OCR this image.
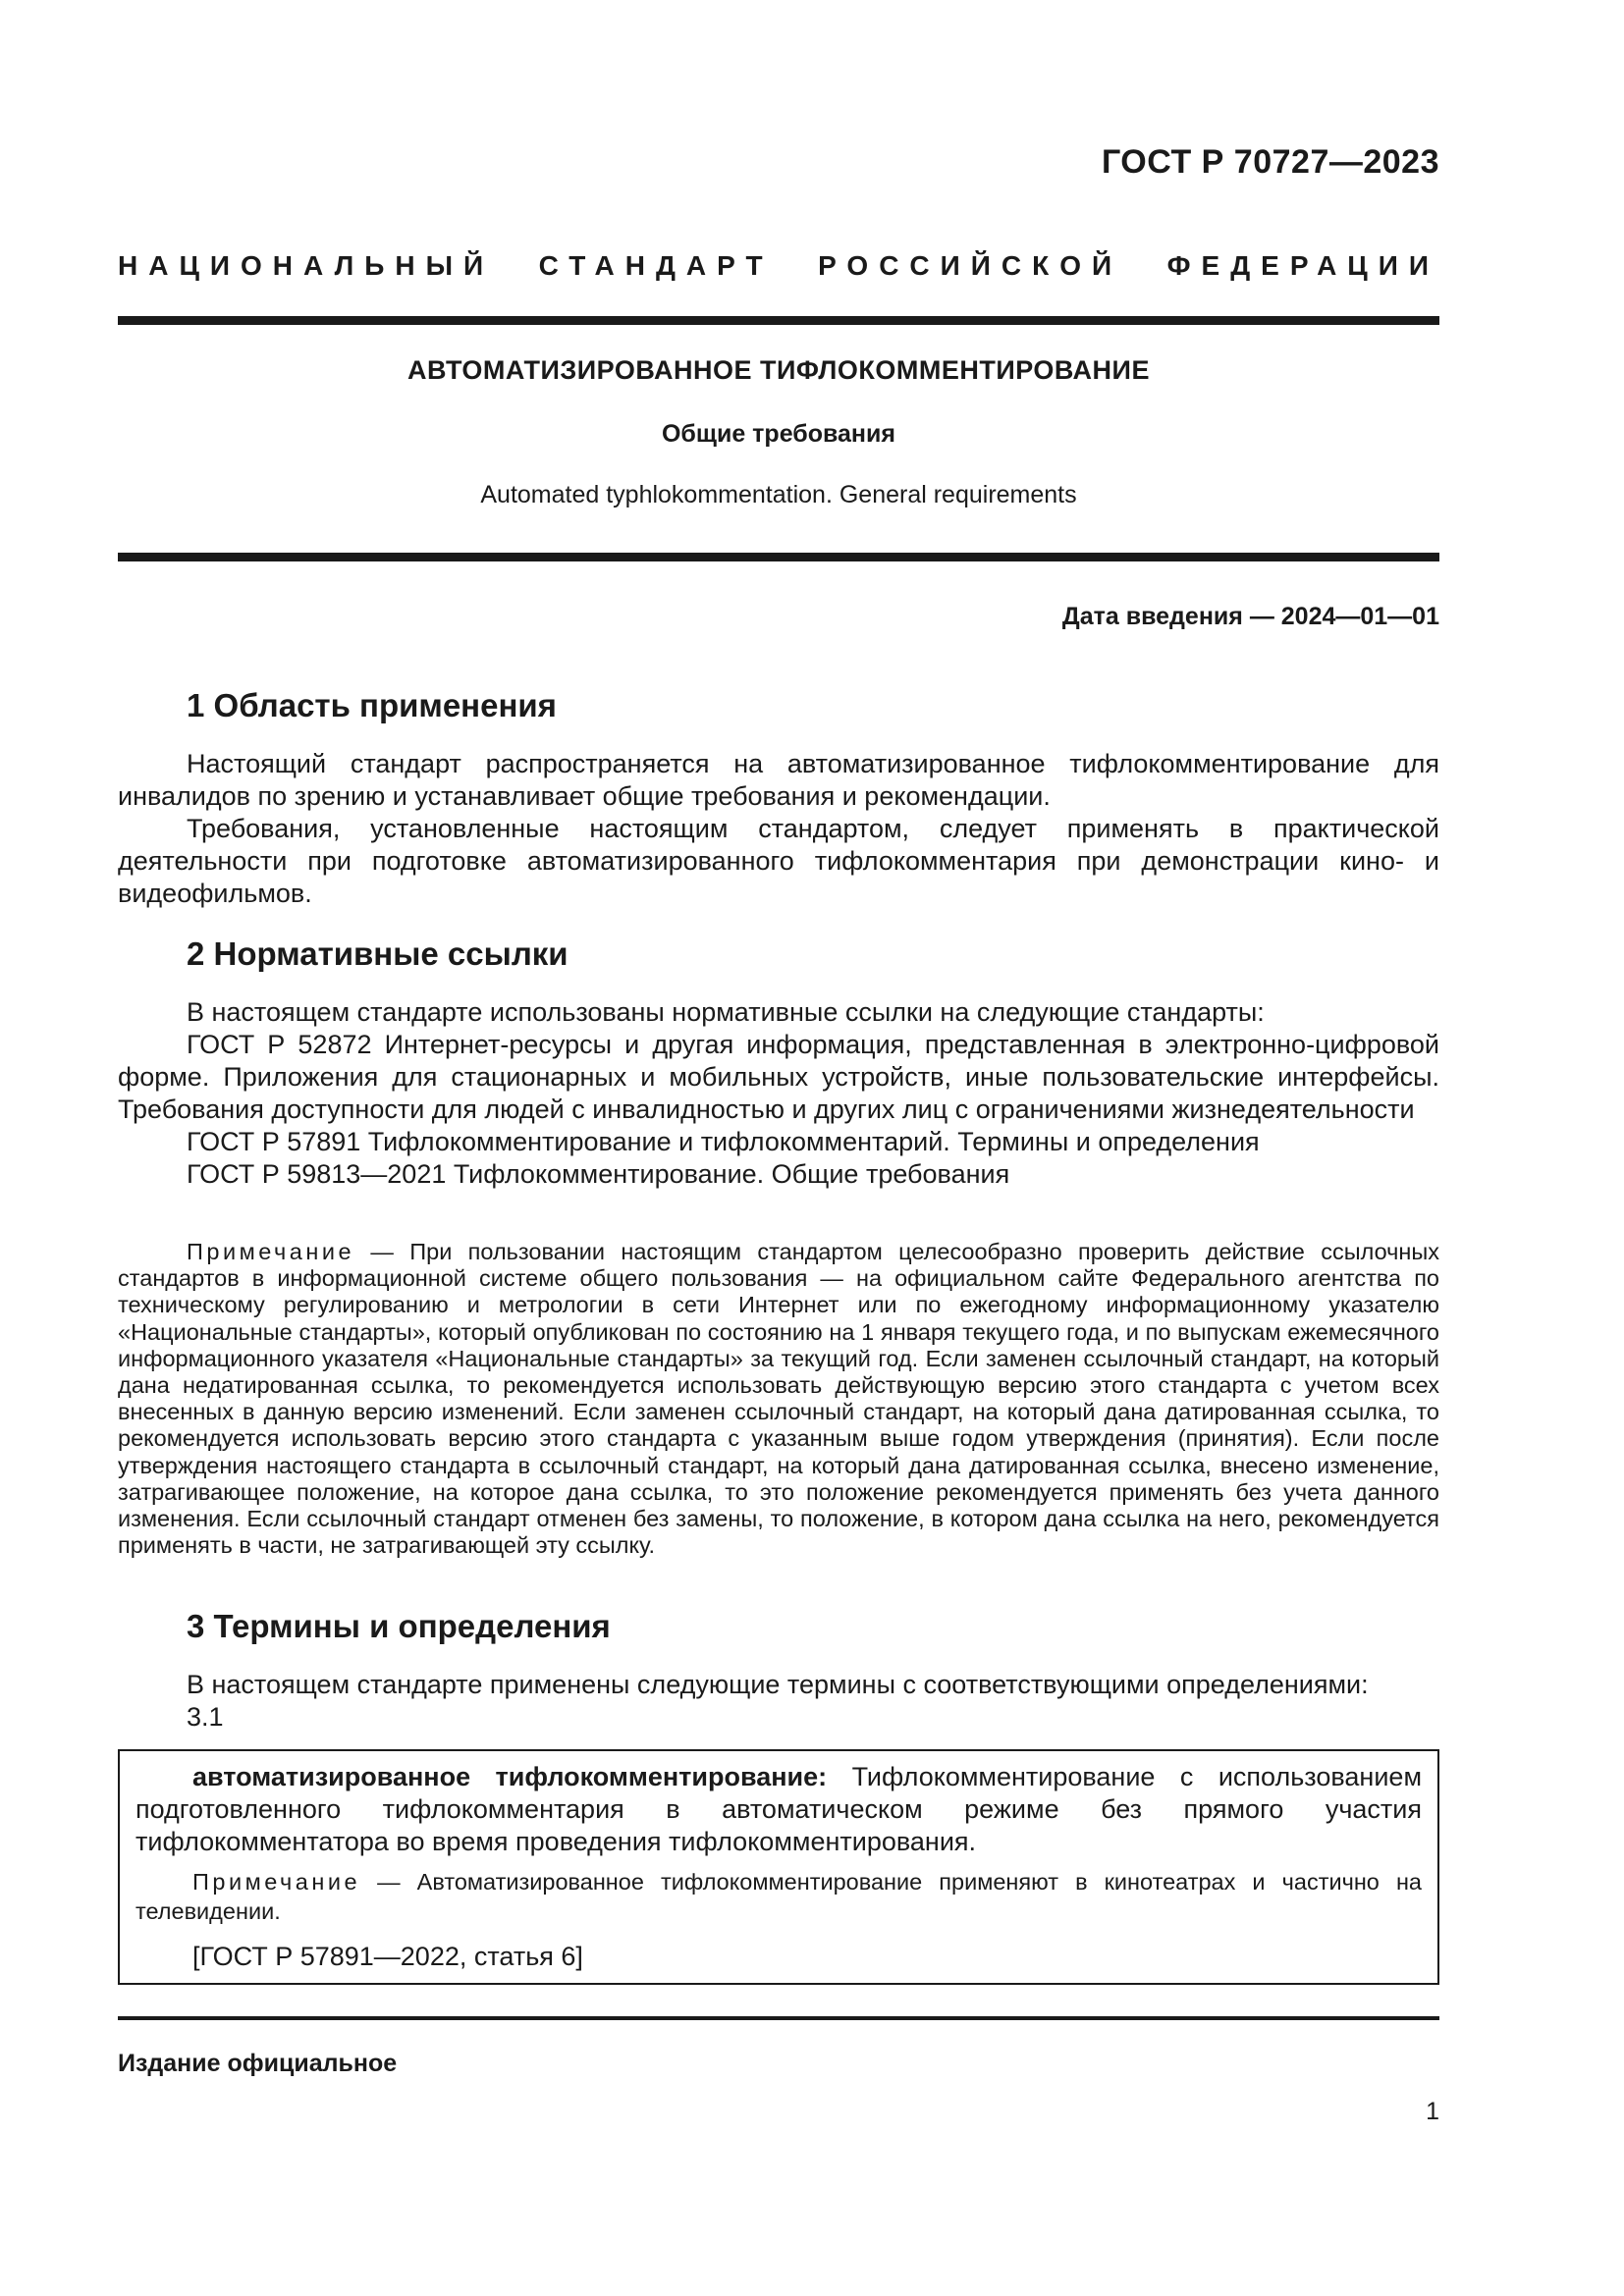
ГОСТ Р 70727—2023
НАЦИОНАЛЬНЫЙ СТАНДАРТ РОССИЙСКОЙ ФЕДЕРАЦИИ
АВТОМАТИЗИРОВАННОЕ ТИФЛОКОММЕНТИРОВАНИЕ
Общие требования
Automated typhlokommentation. General requirements
Дата введения — 2024—01—01
1 Область применения

Настоящий стандарт распространяется на автоматизированное тифлокомментирование для инвалидов по зрению и устанавливает общие требования и рекомендации.

Требования, установленные настоящим стандартом, следует применять в практической деятельности при подготовке автоматизированного тифлокомментария при демонстрации кино- и видеофильмов.

2 Нормативные ссылки

В настоящем стандарте использованы нормативные ссылки на следующие стандарты:

ГОСТ Р 52872 Интернет-ресурсы и другая информация, представленная в электронно-цифровой форме. Приложения для стационарных и мобильных устройств, иные пользовательские интерфейсы. Требования доступности для людей с инвалидностью и других лиц с ограничениями жизнедеятельности

ГОСТ Р 57891 Тифлокомментирование и тифлокомментарий. Термины и определения

ГОСТ Р 59813—2021 Тифлокомментирование. Общие требования

Примечание — При пользовании настоящим стандартом целесообразно проверить действие ссылочных стандартов в информационной системе общего пользования — на официальном сайте Федерального агентства по техническому регулированию и метрологии в сети Интернет или по ежегодному информационному указателю «Национальные стандарты», который опубликован по состоянию на 1 января текущего года, и по выпускам ежемесячного информационного указателя «Национальные стандарты» за текущий год. Если заменен ссылочный стандарт, на который дана недатированная ссылка, то рекомендуется использовать действующую версию этого стандарта с учетом всех внесенных в данную версию изменений. Если заменен ссылочный стандарт, на который дана датированная ссылка, то рекомендуется использовать версию этого стандарта с указанным выше годом утверждения (принятия). Если после утверждения настоящего стандарта в ссылочный стандарт, на который дана датированная ссылка, внесено изменение, затрагивающее положение, на которое дана ссылка, то это положение рекомендуется применять без учета данного изменения. Если ссылочный стандарт отменен без замены, то положение, в котором дана ссылка на него, рекомендуется применять в части, не затрагивающей эту ссылку.
3 Термины и определения

В настоящем стандарте применены следующие термины с соответствующими определениями:

3.1

автоматизированное тифлокомментирование: Тифлокомментирование с использованием подготовленного тифлокомментария в автоматическом режиме без прямого участия тифлокомментатора во время проведения тифлокомментирования.

Примечание — Автоматизированное тифлокомментирование применяют в кинотеатрах и частично на телевидении.

[ГОСТ Р 57891—2022, статья 6]

Издание официальное
1
